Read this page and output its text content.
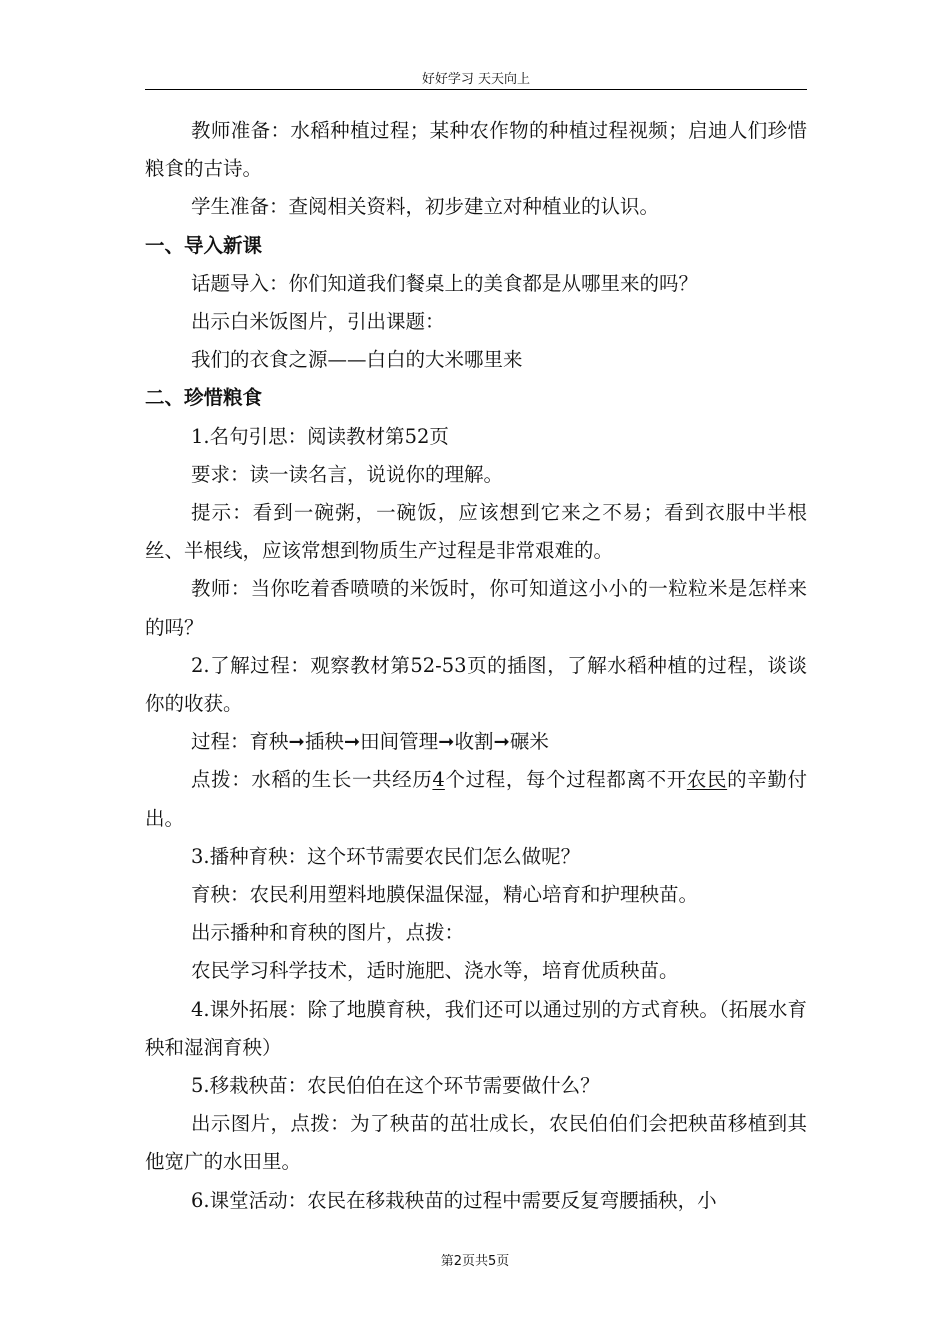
好好学习 天天向上

教师准备：水稻种植过程；某种农作物的种植过程视频；启迪人们珍惜粮食的古诗。

学生准备：查阅相关资料，初步建立对种植业的认识。

一、导入新课

话题导入：你们知道我们餐桌上的美食都是从哪里来的吗？

出示白米饭图片，引出课题：

我们的衣食之源——白白的大米哪里来

二、珍惜粮食

1.名句引思：阅读教材第52页

要求：读一读名言，说说你的理解。

提示：看到一碗粥，一碗饭，应该想到它来之不易；看到衣服中半根丝、半根线，应该常想到物质生产过程是非常艰难的。

教师：当你吃着香喷喷的米饭时，你可知道这小小的一粒粒米是怎样来的吗？

2.了解过程：观察教材第52-53页的插图，了解水稻种植的过程，谈谈你的收获。

过程：育秧➞插秧➞田间管理➞收割➞碾米

点拨：水稻的生长一共经历4个过程，每个过程都离不开农民的辛勤付出。

3.播种育秧：这个环节需要农民们怎么做呢？

育秧：农民利用塑料地膜保温保湿，精心培育和护理秧苗。

出示播种和育秧的图片，点拨：

农民学习科学技术，适时施肥、浇水等，培育优质秧苗。

4.课外拓展：除了地膜育秧，我们还可以通过别的方式育秧。（拓展水育秧和湿润育秧）

5.移栽秧苗：农民伯伯在这个环节需要做什么？

出示图片，点拨：为了秧苗的茁壮成长，农民伯伯们会把秧苗移植到其他宽广的水田里。

6.课堂活动：农民在移栽秧苗的过程中需要反复弯腰插秧，小

第2页共5页
